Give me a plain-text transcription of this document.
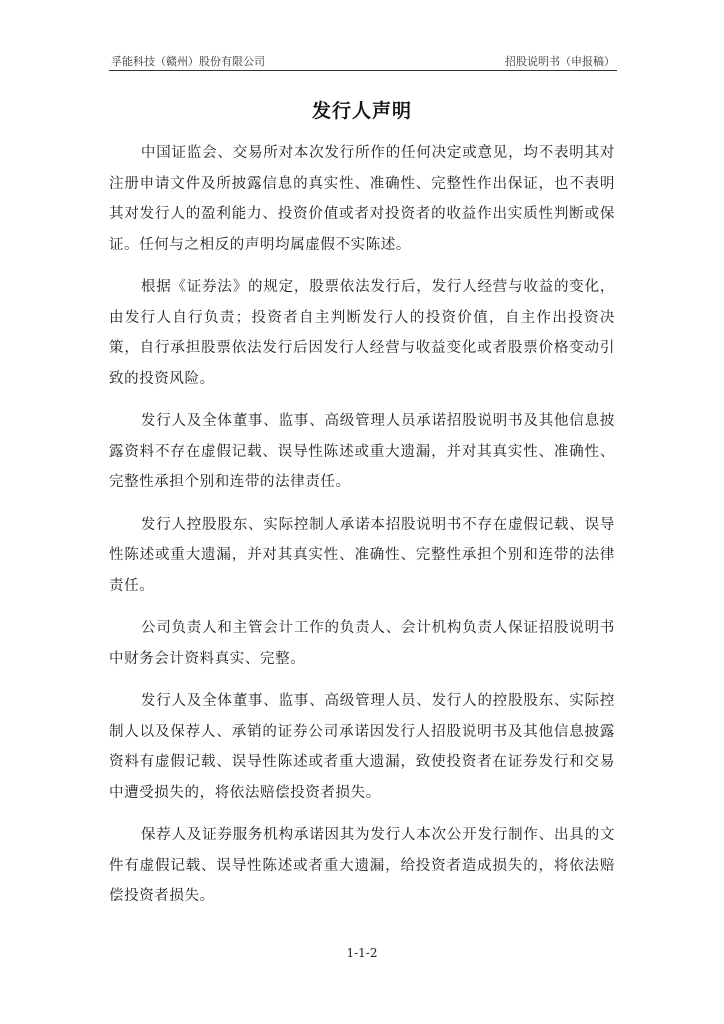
孚能科技（赣州）股份有限公司	招股说明书（申报稿）
发行人声明

中国证监会、交易所对本次发行所作的任何决定或意见，均不表明其对注册申请文件及所披露信息的真实性、准确性、完整性作出保证，也不表明其对发行人的盈利能力、投资价值或者对投资者的收益作出实质性判断或保证。任何与之相反的声明均属虚假不实陈述。

根据《证券法》的规定，股票依法发行后，发行人经营与收益的变化，由发行人自行负责；投资者自主判断发行人的投资价值，自主作出投资决策，自行承担股票依法发行后因发行人经营与收益变化或者股票价格变动引致的投资风险。

发行人及全体董事、监事、高级管理人员承诺招股说明书及其他信息披露资料不存在虚假记载、误导性陈述或重大遗漏，并对其真实性、准确性、完整性承担个别和连带的法律责任。

发行人控股股东、实际控制人承诺本招股说明书不存在虚假记载、误导性陈述或重大遗漏，并对其真实性、准确性、完整性承担个别和连带的法律责任。

公司负责人和主管会计工作的负责人、会计机构负责人保证招股说明书中财务会计资料真实、完整。

发行人及全体董事、监事、高级管理人员、发行人的控股股东、实际控制人以及保荐人、承销的证券公司承诺因发行人招股说明书及其他信息披露资料有虚假记载、误导性陈述或者重大遗漏，致使投资者在证券发行和交易中遭受损失的，将依法赔偿投资者损失。

保荐人及证券服务机构承诺因其为发行人本次公开发行制作、出具的文件有虚假记载、误导性陈述或者重大遗漏，给投资者造成损失的，将依法赔偿投资者损失。

1-1-2
